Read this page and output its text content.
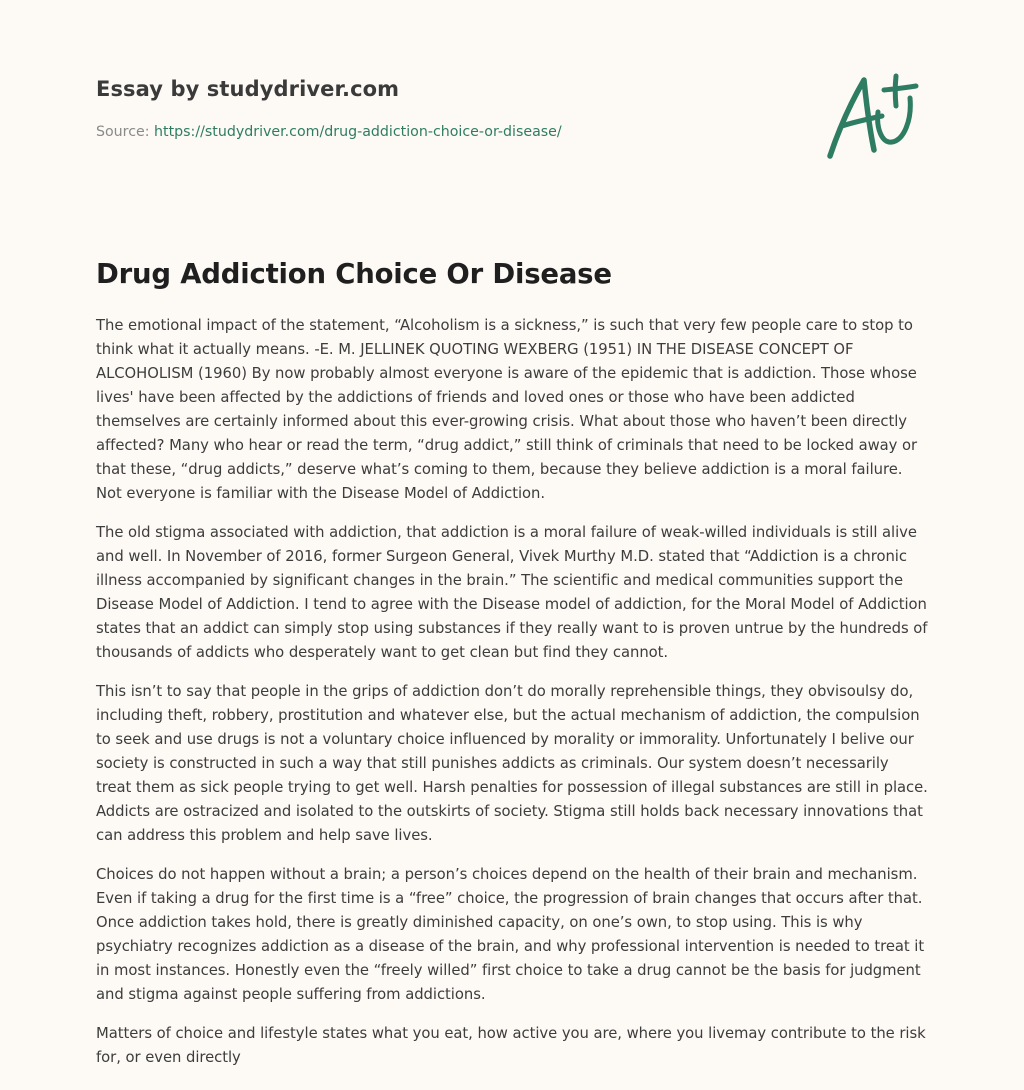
Essay by studydriver.com
Source: https://studydriver.com/drug-addiction-choice-or-disease/
Drug Addiction Choice Or Disease

The emotional impact of the statement, “Alcoholism is a sickness,” is such that very few people care to stop to think what it actually means. -E. M. JELLINEK QUOTING WEXBERG (1951) IN THE DISEASE CONCEPT OF ALCOHOLISM (1960) By now probably almost everyone is aware of the epidemic that is addiction. Those whose lives' have been affected by the addictions of friends and loved ones or those who have been addicted themselves are certainly informed about this ever-growing crisis. What about those who haven’t been directly affected? Many who hear or read the term, “drug addict,” still think of criminals that need to be locked away or that these, “drug addicts,” deserve what’s coming to them, because they believe addiction is a moral failure. Not everyone is familiar with the Disease Model of Addiction.

The old stigma associated with addiction, that addiction is a moral failure of weak-willed individuals is still alive and well. In November of 2016, former Surgeon General, Vivek Murthy M.D. stated that “Addiction is a chronic illness accompanied by significant changes in the brain.” The scientific and medical communities support the Disease Model of Addiction. I tend to agree with the Disease model of addiction, for the Moral Model of Addiction states that an addict can simply stop using substances if they really want to is proven untrue by the hundreds of thousands of addicts who desperately want to get clean but find they cannot.

This isn’t to say that people in the grips of addiction don’t do morally reprehensible things, they obvisoulsy do, including theft, robbery, prostitution and whatever else, but the actual mechanism of addiction, the compulsion to seek and use drugs is not a voluntary choice influenced by morality or immorality. Unfortunately I belive our society is constructed in such a way that still punishes addicts as criminals. Our system doesn’t necessarily treat them as sick people trying to get well. Harsh penalties for possession of illegal substances are still in place. Addicts are ostracized and isolated to the outskirts of society. Stigma still holds back necessary innovations that can address this problem and help save lives.

Choices do not happen without a brain; a person’s choices depend on the health of their brain and mechanism. Even if taking a drug for the first time is a “free” choice, the progression of brain changes that occurs after that. Once addiction takes hold, there is greatly diminished capacity, on one’s own, to stop using. This is why psychiatry recognizes addiction as a disease of the brain, and why professional intervention is needed to treat it in most instances. Honestly even the “freely willed” first choice to take a drug cannot be the basis for judgment and stigma against people suffering from addictions.

Matters of choice and lifestyle states what you eat, how active you are, where you livemay contribute to the risk for, or even directly
